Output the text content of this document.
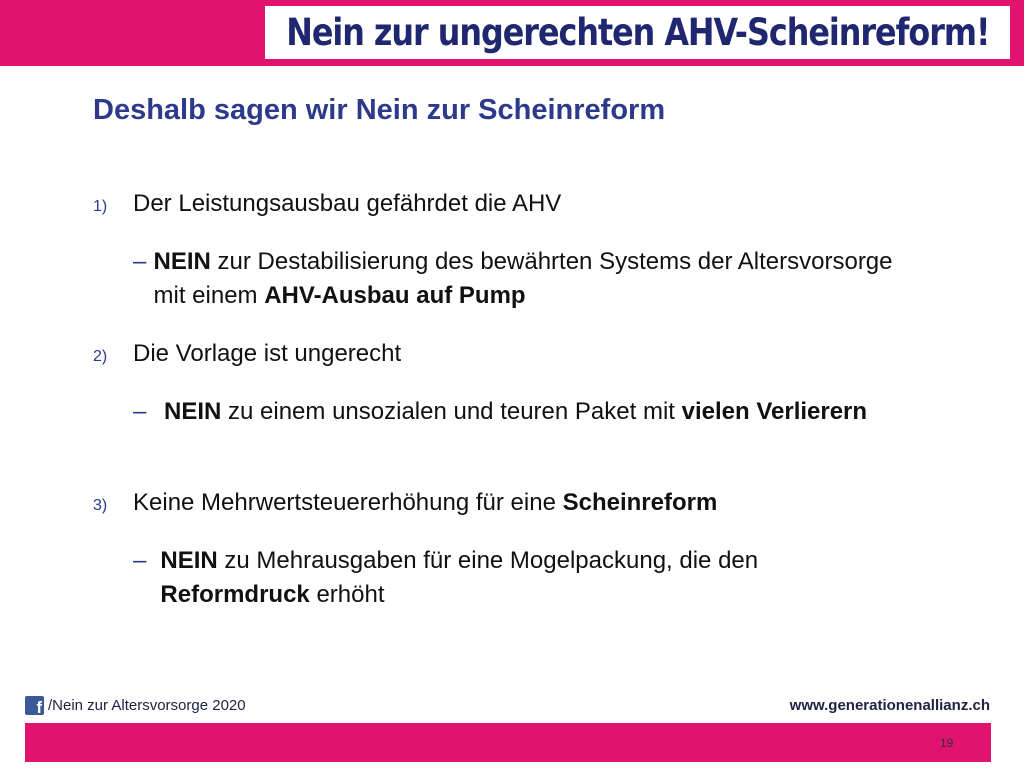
Nein zur ungerechten AHV-Scheinreform!
Deshalb sagen wir Nein zur Scheinreform
1)	Der Leistungsausbau gefährdet die AHV
– NEIN zur Destabilisierung des bewährten Systems der Altersvorsorge mit einem AHV-Ausbau auf Pump
2)	Die Vorlage ist ungerecht
– NEIN zu einem unsozialen und teuren Paket mit vielen Verlierern
3)	Keine Mehrwertsteuererhöhung für eine Scheinreform
– NEIN zu Mehrausgaben für eine Mogelpackung, die den Reformdruck erhöht
f /Nein zur Altersvorsorge 2020	www.generationenallianz.ch
19
